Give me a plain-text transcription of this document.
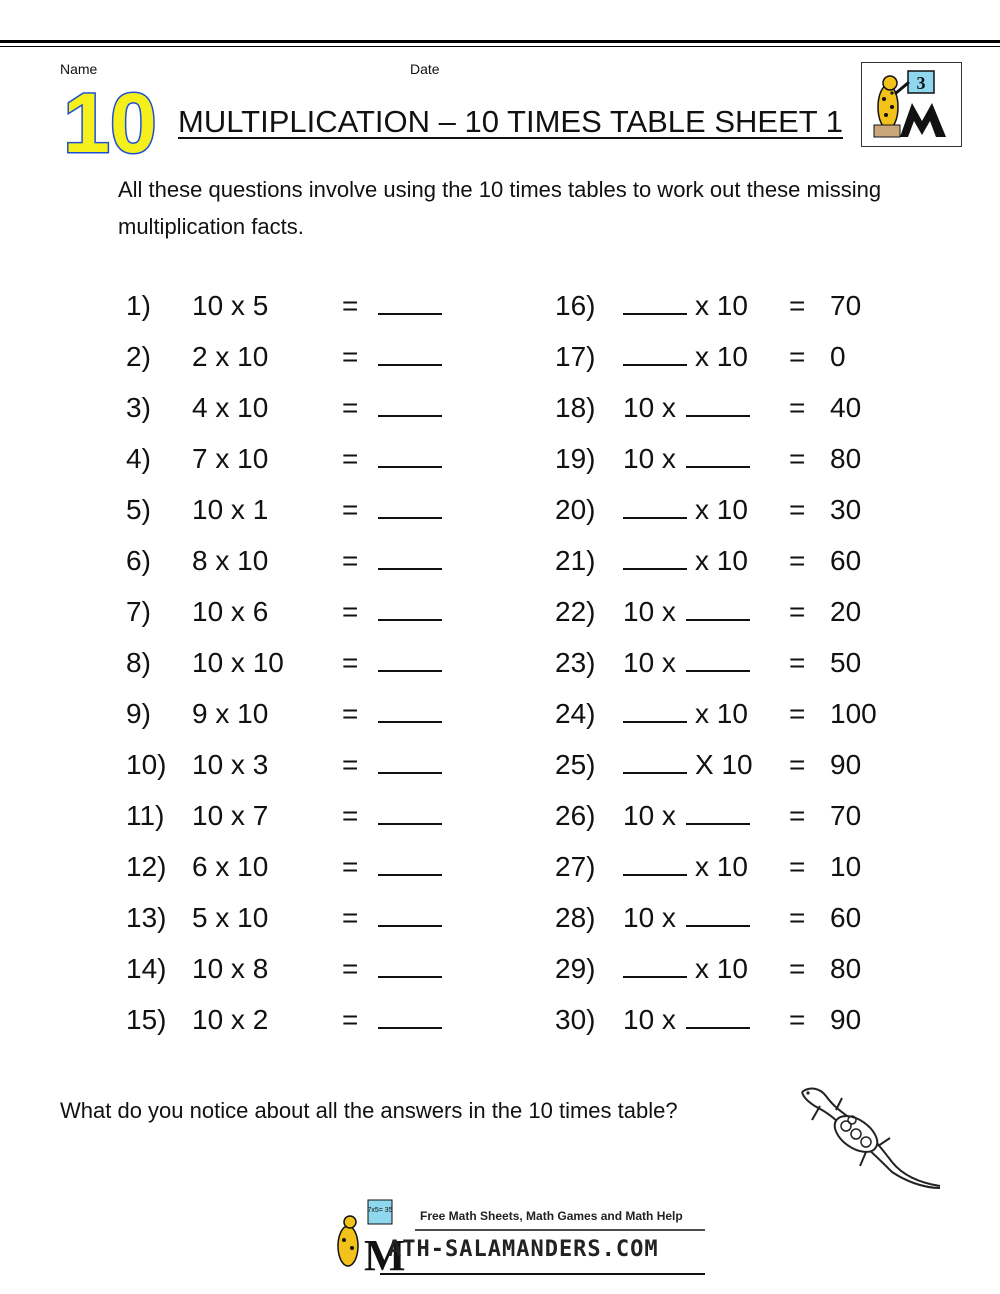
Name	Date
10 MULTIPLICATION – 10 TIMES TABLE SHEET 1
3
All these questions involve using the 10 times tables to work out these missing multiplication facts.
1) 10 x 5	=
2) 2 x 10	=
3) 4 x 10	=
4) 7 x 10	=
5) 10 x 1	=
6) 8 x 10	=
7) 10 x 6	=
8) 10 x 10 =
9) 9 x 10	=
10) 10 x 3	=
11) 10 x 7	=
12) 6 x 10	=
13) 5 x 10	=
14) 10 x 8	=
15) 10 x 2	=
16)	x 10 = 70
17)	x 10 = 0
18) 10 x	= 40
19) 10 x	= 80
20)	x 10 = 30
21)	x 10 = 60
22) 10 x	= 20
23) 10 x	= 50
24)	x 10 = 100
25)	X 10 = 90
26) 10 x	= 70
27)	x 10 = 10
28) 10 x	= 60
29)	x 10 = 80
30) 10 x	= 90
What do you notice about all the answers in the 10 times table?
7x5= 35
M
Free Math Sheets, Math Games and Math Help
ATH-SALAMANDERS.COM
